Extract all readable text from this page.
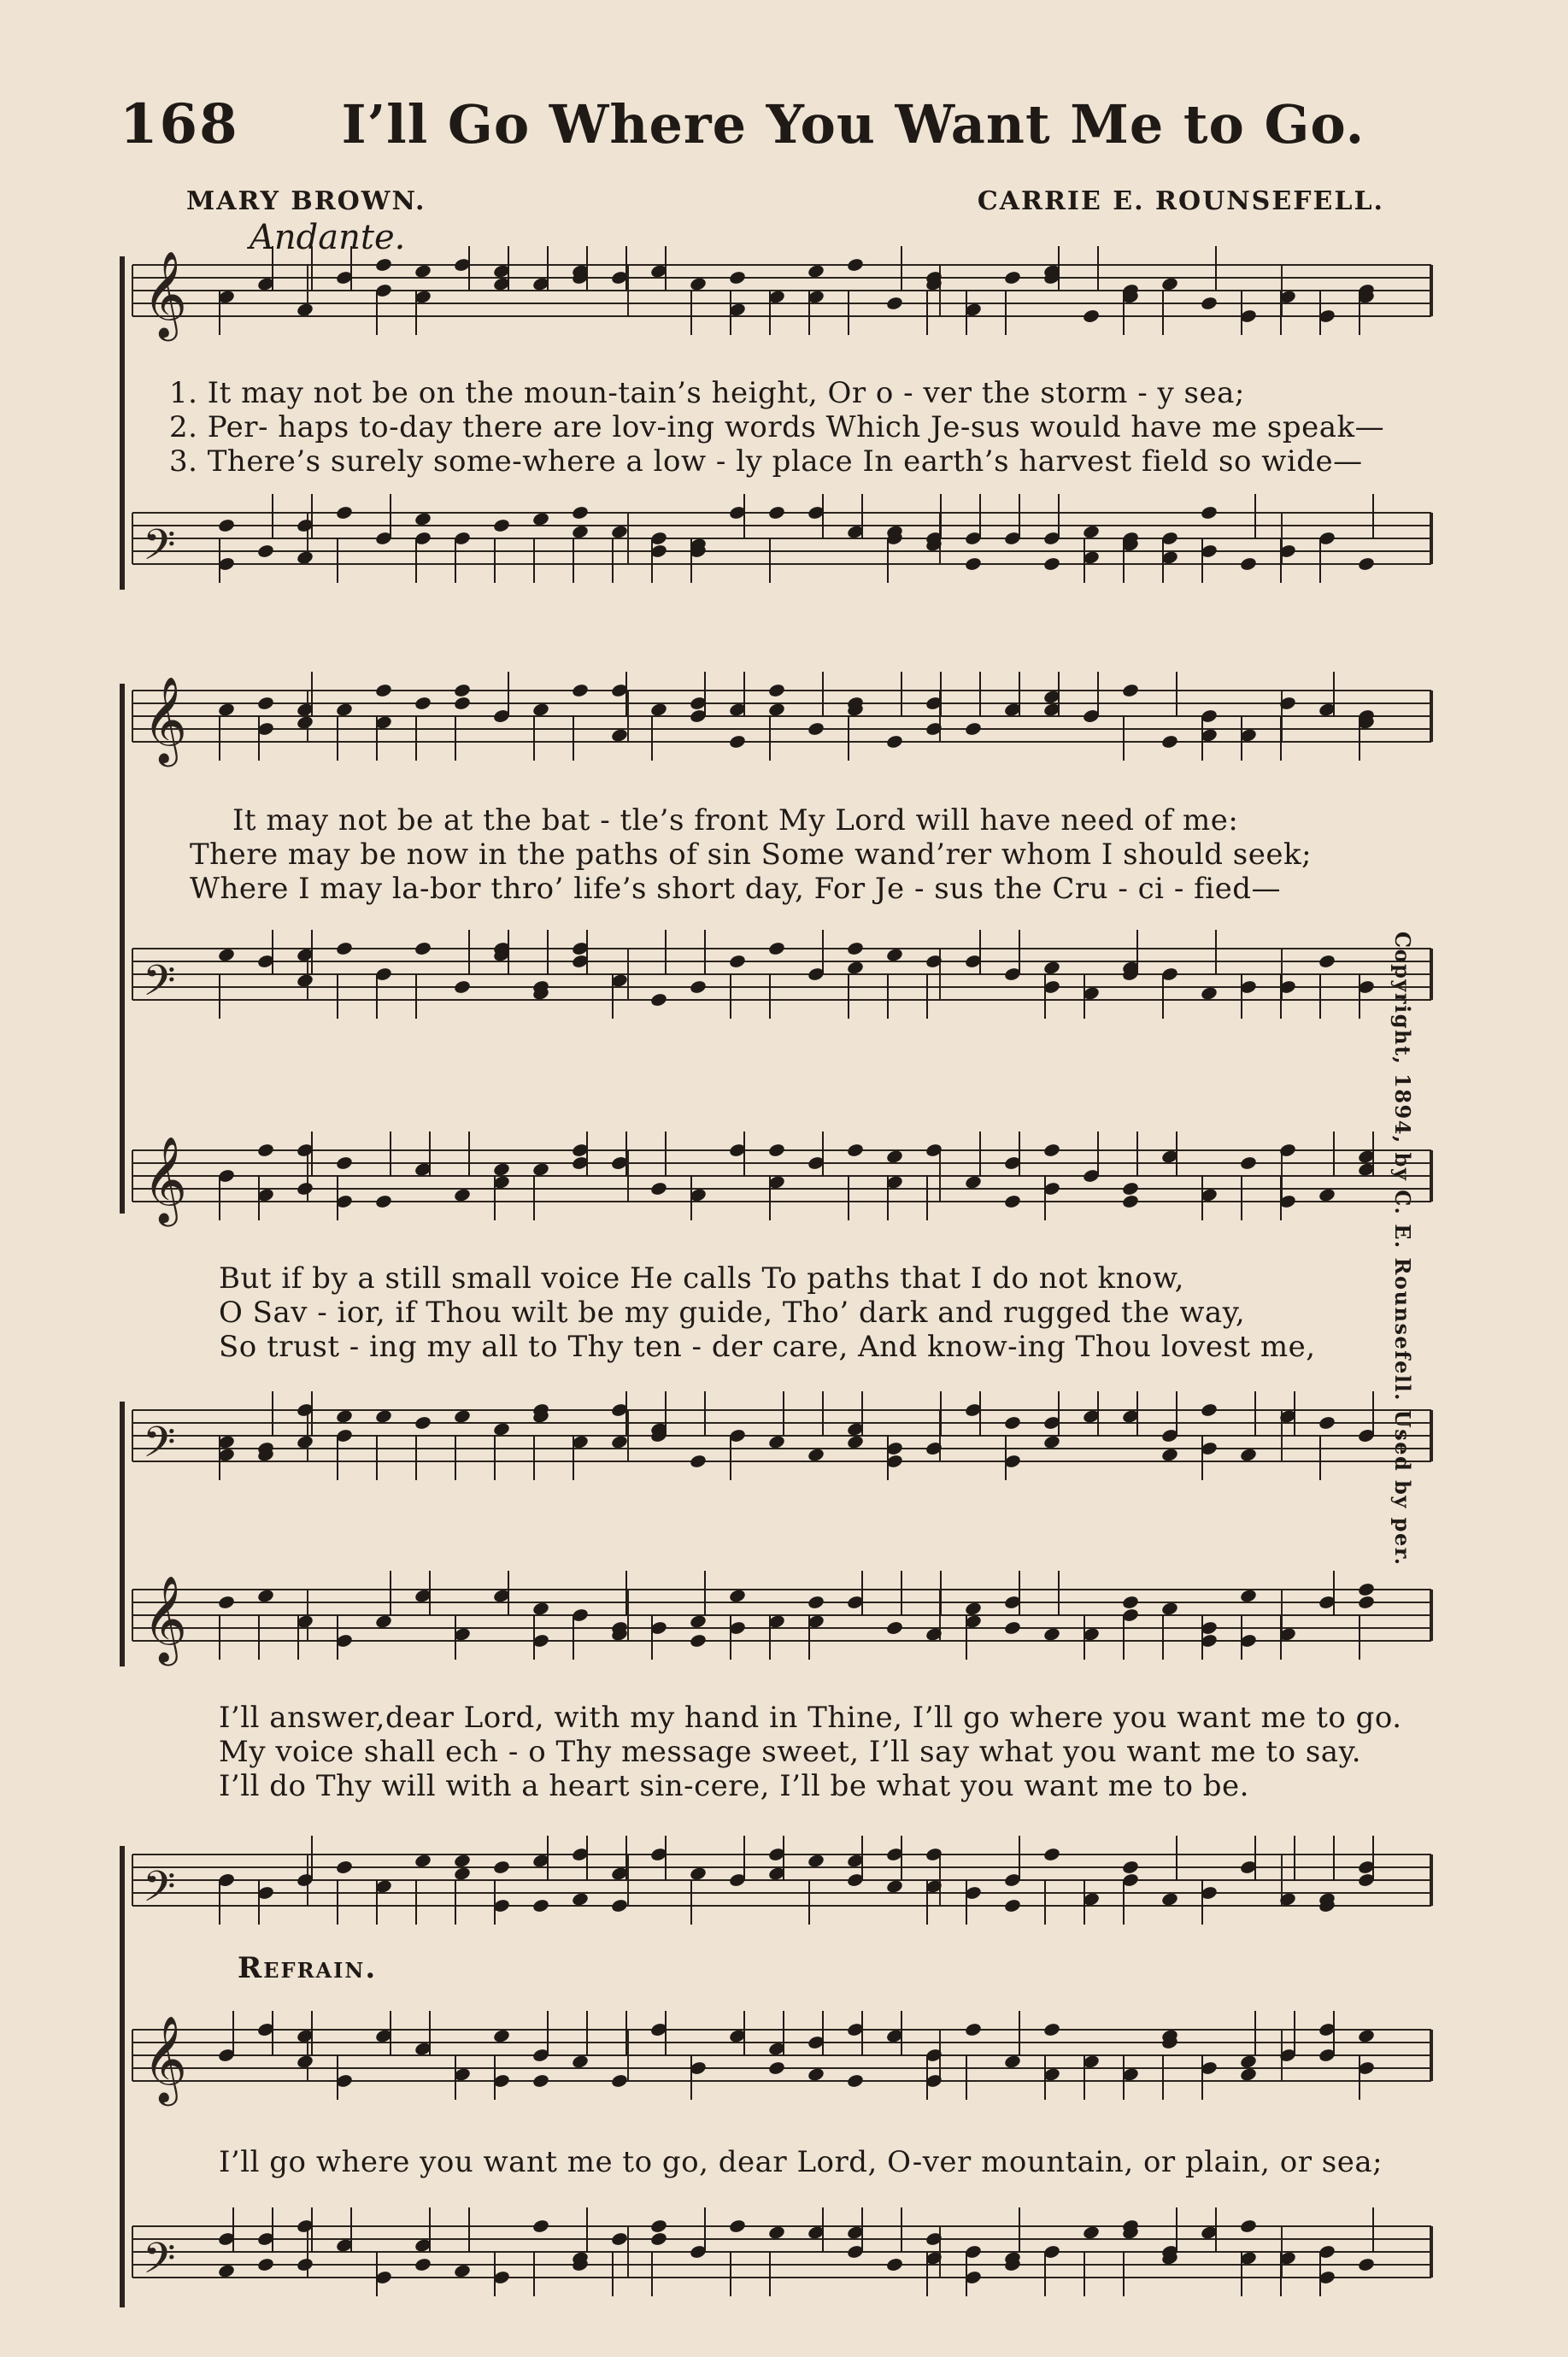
168 I’ll Go Where You Want Me to Go.
MARY BROWN.	CARRIE E. ROUNSEFELL.
Andante.
Refrain.
Copyright, 1894, by C. E. Rounsefell. Used by per.
𝄞
𝄢
𝄞
𝄢
𝄞
𝄢
𝄞
𝄢
𝄞
𝄢
1. It may not be on the moun-tain’s height, Or o - ver the storm - y sea;
2. Per- haps to-day there are lov-ing words Which Je-sus would have me speak—
3. There’s surely some-where a low - ly place In earth’s harvest field so wide—
It may not be at the bat - tle’s front My Lord will have need of me:
There may be now in the paths of sin Some wand’rer whom I should seek;
Where I may la-bor thro’ life’s short day, For Je - sus the Cru - ci - fied—
But if by a still small voice He calls To paths that I do not know,
O Sav - ior, if Thou wilt be my guide, Tho’ dark and rugged the way,
So trust - ing my all to Thy ten - der care, And know-ing Thou lovest me,
I’ll answer,dear Lord, with my hand in Thine, I’ll go where you want me to go.
My voice shall ech - o Thy message sweet, I’ll say what you want me to say.
I’ll do Thy will with a heart sin-cere, I’ll be what you want me to be.
I’ll go where you want me to go, dear Lord, O-ver mountain, or plain, or sea;
